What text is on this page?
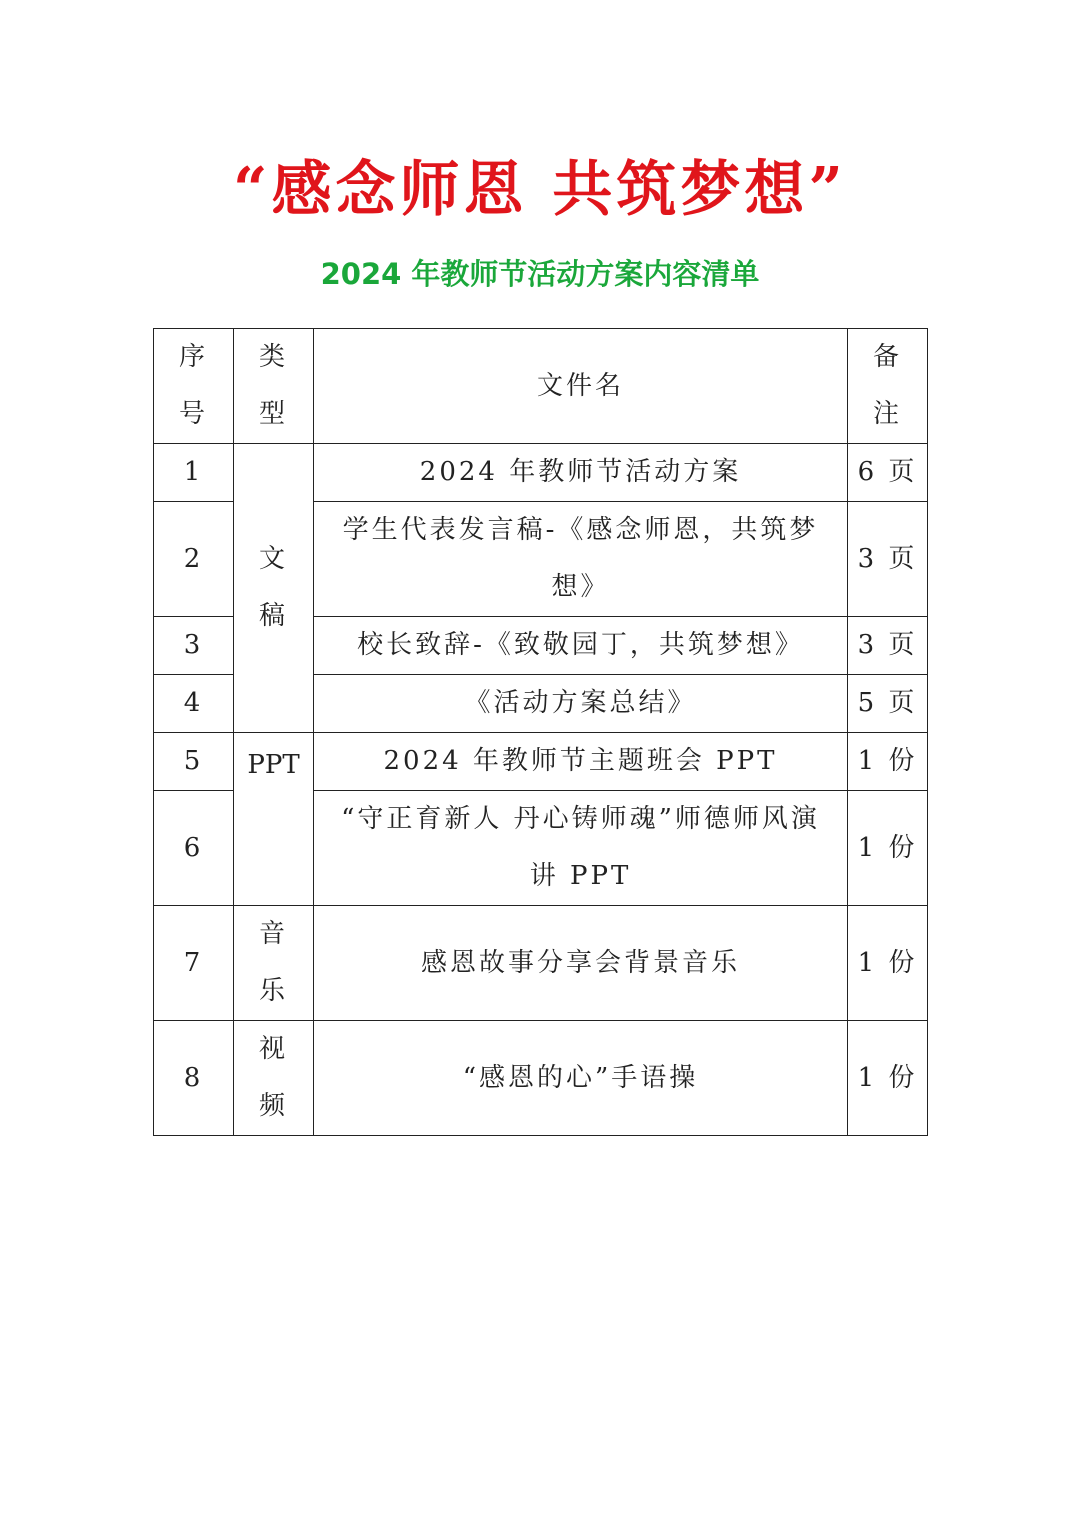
“感念师恩 共筑梦想”
2024 年教师节活动方案内容清单
序号	类型	文件名	备注
1	文稿	2024 年教师节活动方案	6 页
2		学生代表发言稿-《感念师恩，共筑梦想》	3 页
3		校长致辞-《致敬园丁，共筑梦想》	3 页
4		《活动方案总结》	5 页
5	PPT	2024 年教师节主题班会 PPT	1 份
6		“守正育新人 丹心铸师魂”师德师风演讲 PPT	1 份
7	音乐	感恩故事分享会背景音乐	1 份
8	视频	“感恩的心”手语操	1 份
